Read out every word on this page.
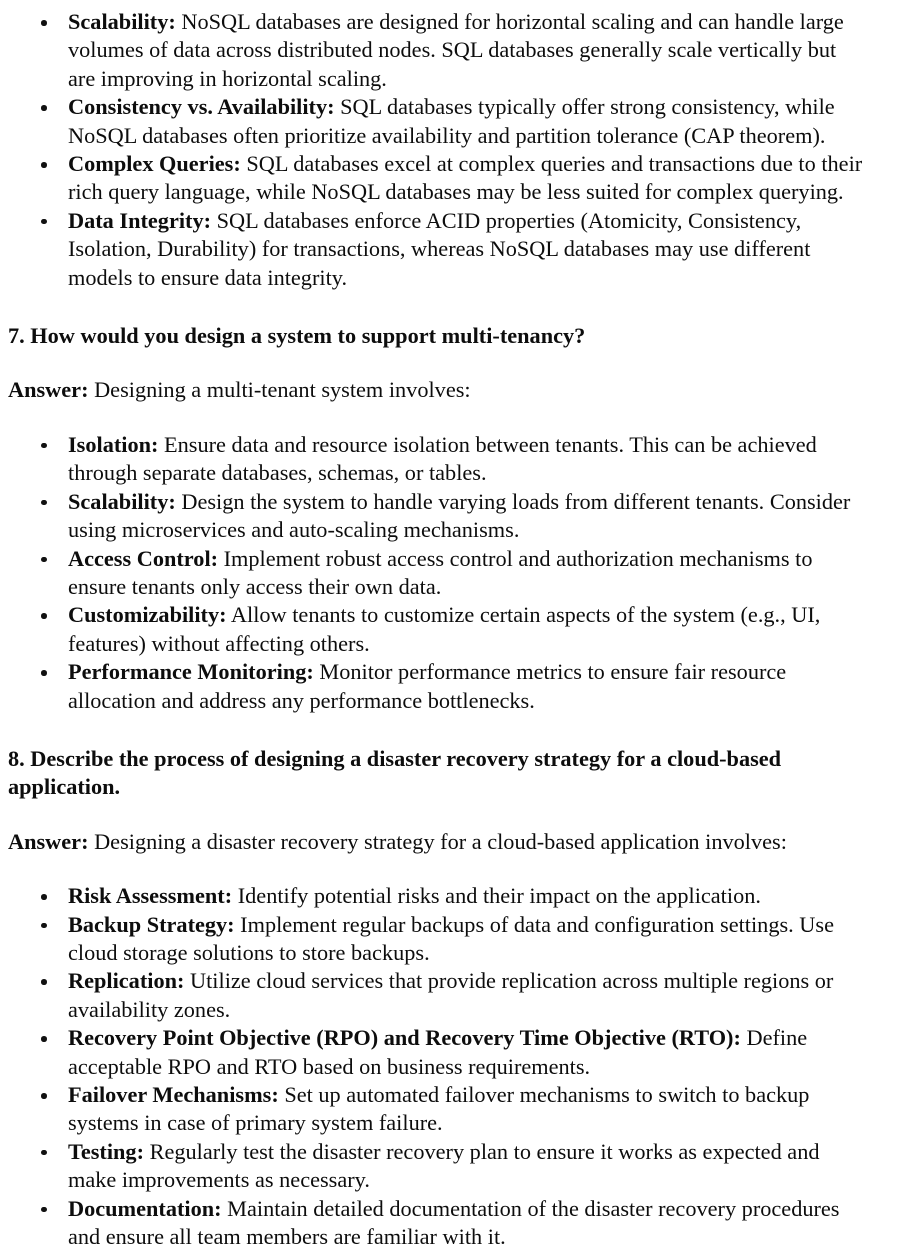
Scalability: NoSQL databases are designed for horizontal scaling and can handle large volumes of data across distributed nodes. SQL databases generally scale vertically but are improving in horizontal scaling.
Consistency vs. Availability: SQL databases typically offer strong consistency, while NoSQL databases often prioritize availability and partition tolerance (CAP theorem).
Complex Queries: SQL databases excel at complex queries and transactions due to their rich query language, while NoSQL databases may be less suited for complex querying.
Data Integrity: SQL databases enforce ACID properties (Atomicity, Consistency, Isolation, Durability) for transactions, whereas NoSQL databases may use different models to ensure data integrity.

7. How would you design a system to support multi-tenancy?

Answer: Designing a multi-tenant system involves:

Isolation: Ensure data and resource isolation between tenants. This can be achieved through separate databases, schemas, or tables.
Scalability: Design the system to handle varying loads from different tenants. Consider using microservices and auto-scaling mechanisms.
Access Control: Implement robust access control and authorization mechanisms to ensure tenants only access their own data.
Customizability: Allow tenants to customize certain aspects of the system (e.g., UI, features) without affecting others.
Performance Monitoring: Monitor performance metrics to ensure fair resource allocation and address any performance bottlenecks.

8. Describe the process of designing a disaster recovery strategy for a cloud-based application.

Answer: Designing a disaster recovery strategy for a cloud-based application involves:

Risk Assessment: Identify potential risks and their impact on the application.
Backup Strategy: Implement regular backups of data and configuration settings. Use cloud storage solutions to store backups.
Replication: Utilize cloud services that provide replication across multiple regions or availability zones.
Recovery Point Objective (RPO) and Recovery Time Objective (RTO): Define acceptable RPO and RTO based on business requirements.
Failover Mechanisms: Set up automated failover mechanisms to switch to backup systems in case of primary system failure.
Testing: Regularly test the disaster recovery plan to ensure it works as expected and make improvements as necessary.
Documentation: Maintain detailed documentation of the disaster recovery procedures and ensure all team members are familiar with it.
